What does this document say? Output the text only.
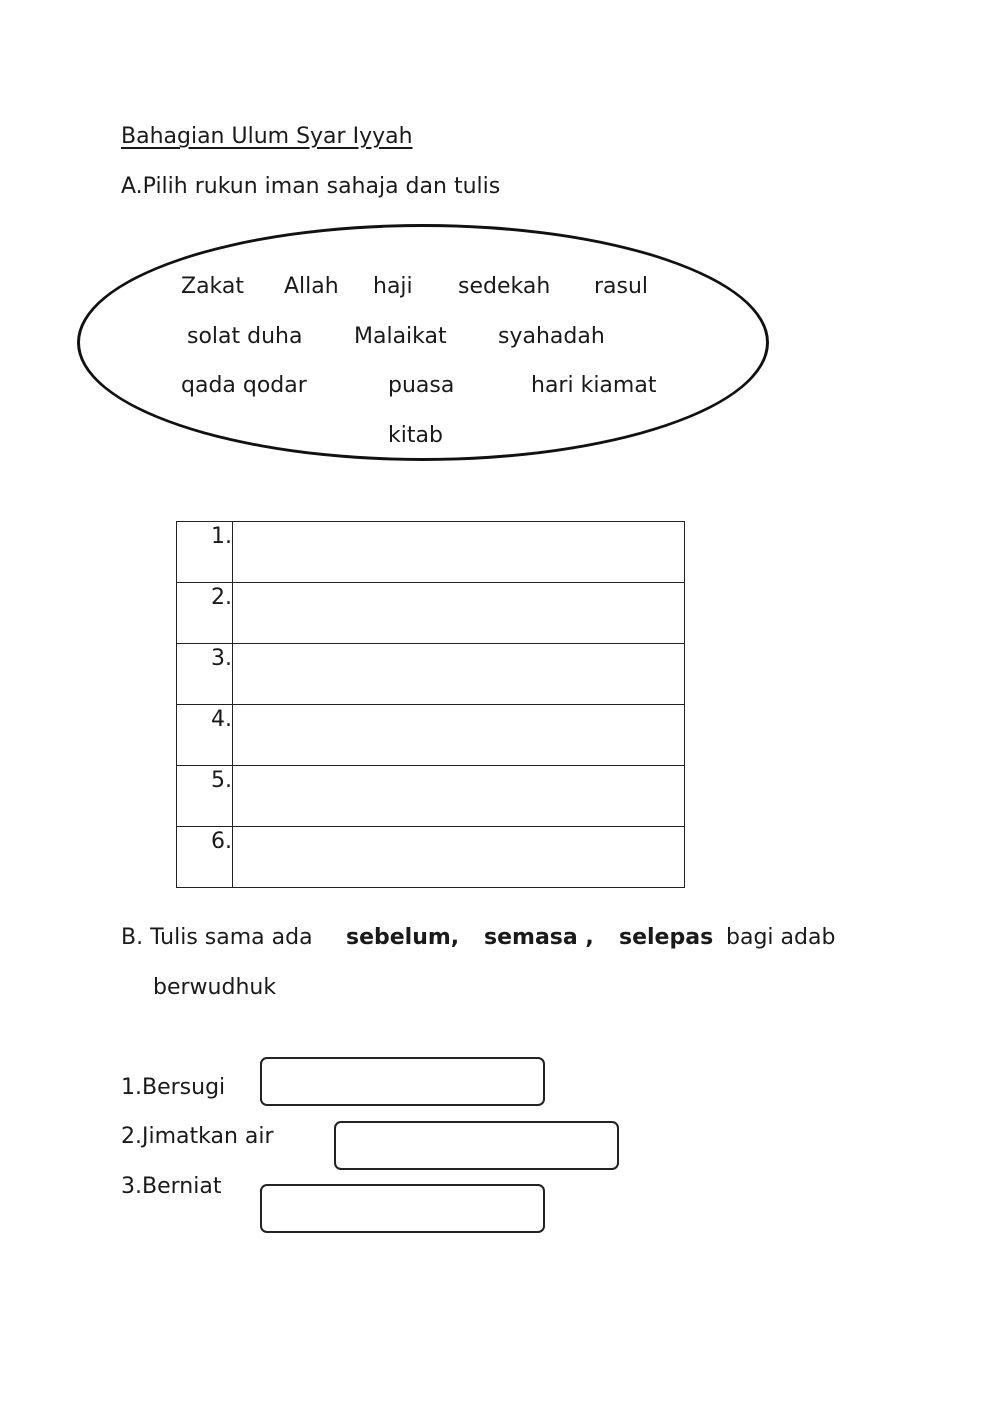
Bahagian Ulum Syar Iyyah
A.Pilih rukun iman sahaja dan tulis
Zakat Allah haji sedekah rasul
solat duha Malaikat syahadah
qada qodar	puasa	hari kiamat
kitab
1.	
2.	
3.	
4.	
5.	
6.	
B. Tulis sama ada sebelum, semasa , selepas bagi adab
berwudhuk
1.Bersugi
2.Jimatkan air
3.Berniat
